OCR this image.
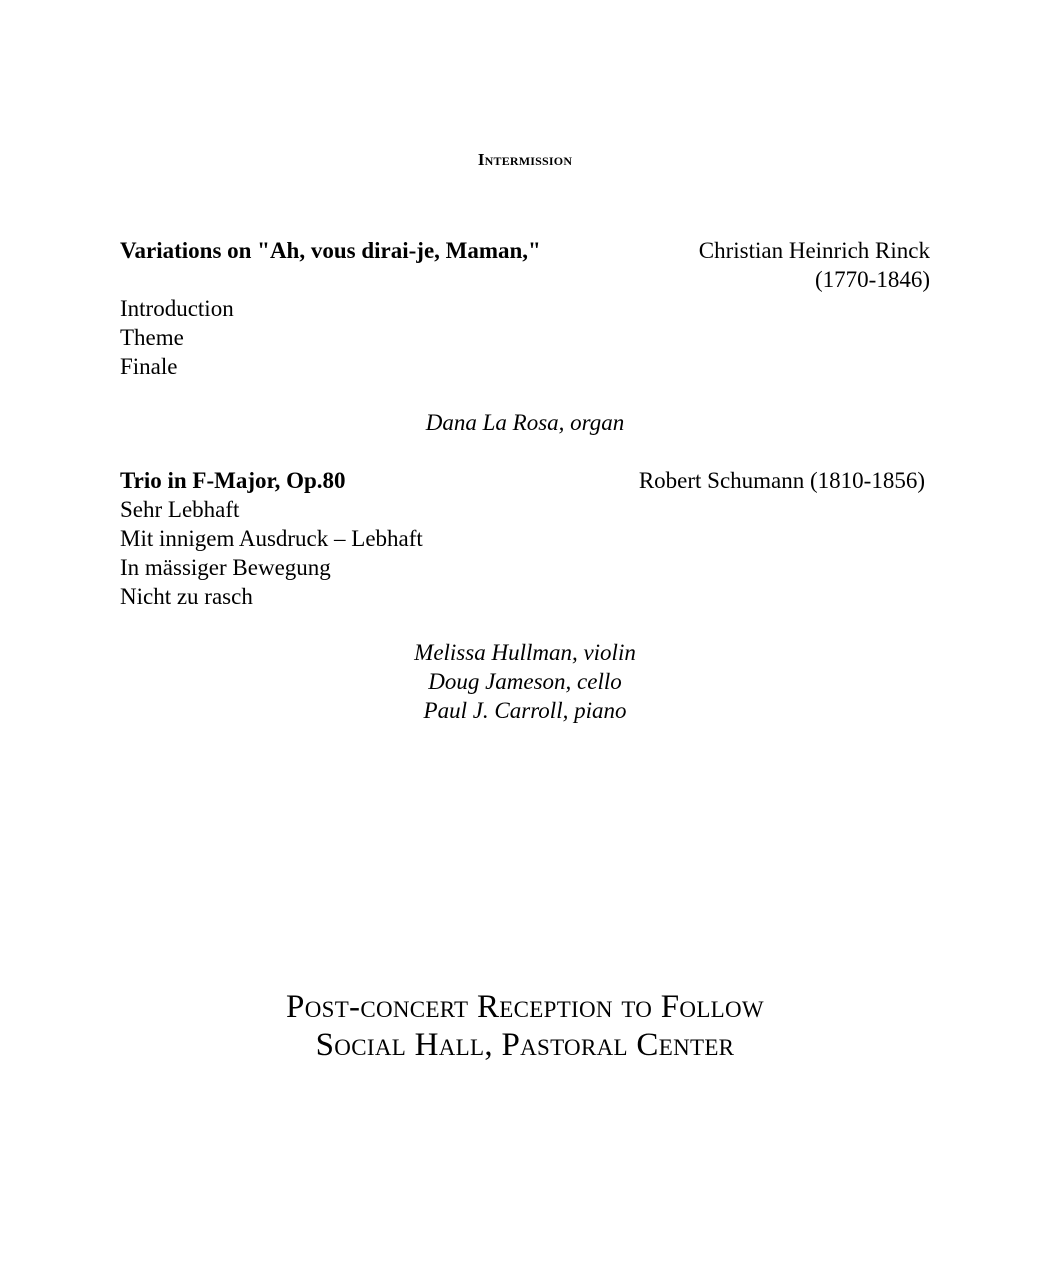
Intermission
Variations on "Ah, vous dirai-je, Maman,"	Christian Heinrich Rinck
(1770-1846)
Introduction
Theme
Finale
Dana La Rosa, organ
Trio in F-Major, Op.80	Robert Schumann (1810-1856)
Sehr Lebhaft
Mit innigem Ausdruck – Lebhaft
In mässiger Bewegung
Nicht zu rasch
Melissa Hullman, violin
Doug Jameson, cello
Paul J. Carroll, piano
Post-concert Reception to Follow
Social Hall, Pastoral Center
